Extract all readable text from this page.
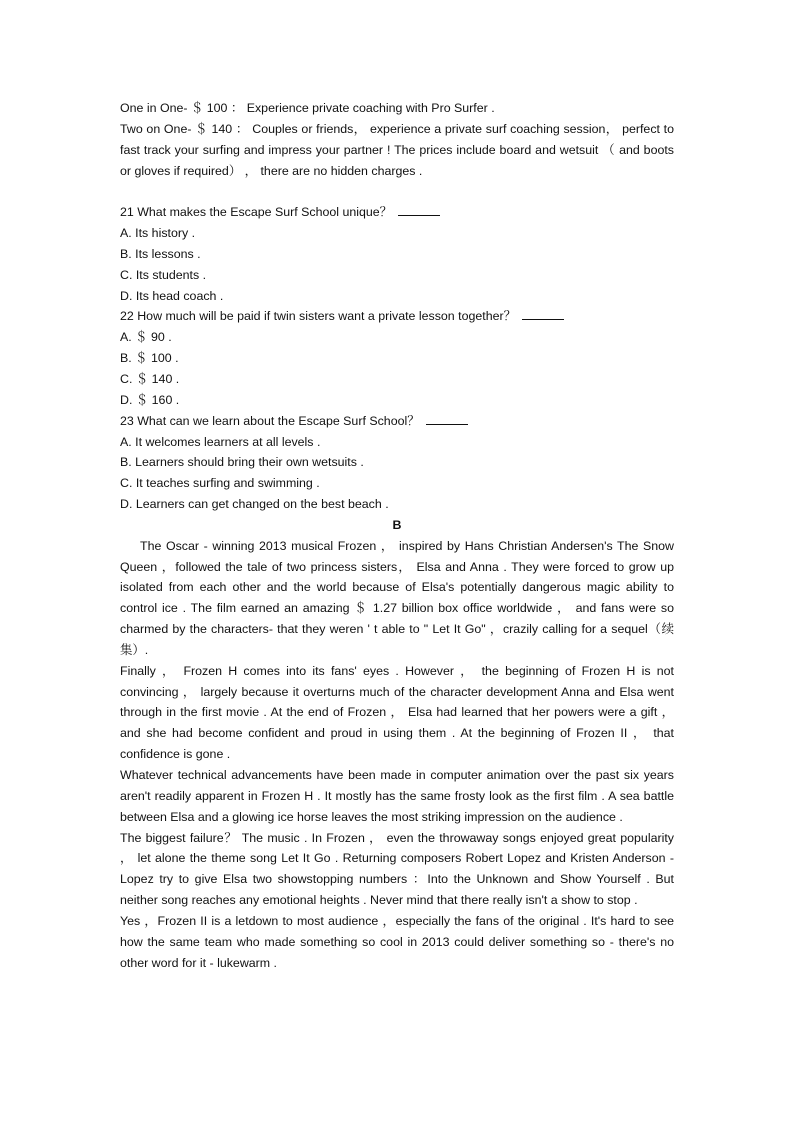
One in One- ＄ 100 ： Experience private coaching with Pro Surfer .

Two on One- ＄ 140 ： Couples or friends， experience a private surf coaching session， perfect to fast track your surfing and impress your partner ! The prices include board and wetsuit （ and boots or gloves if required） ， there are no hidden charges .

21 What makes the Escape Surf School unique？

A. Its history .

B. Its lessons .

C. Its students .

D. Its head coach .

22 How much will be paid if twin sisters want a private lesson together？

A. ＄ 90 .

B. ＄ 100 .

C. ＄ 140 .

D. ＄ 160 .

23 What can we learn about the Escape Surf School？

A. It welcomes learners at all levels .

B. Learners should bring their own wetsuits .

C. It teaches surfing and swimming .

D. Learners can get changed on the best beach .

B

The Oscar - winning 2013 musical Frozen ， inspired by Hans Christian Andersen's The Snow Queen ，followed the tale of two princess sisters， Elsa and Anna . They were forced to grow up isolated from each other and the world because of Elsa's potentially dangerous magic ability to control ice . The film earned an amazing ＄ 1.27 billion box office worldwide ， and fans were so charmed by the characters- that they weren ' t able to " Let It Go" ，crazily calling for a sequel（续集）.

Finally ， Frozen H comes into its fans' eyes . However ， the beginning of Frozen H is not convincing ， largely because it overturns much of the character development Anna and Elsa went through in the first movie . At the end of Frozen ， Elsa had learned that her powers were a gift ， and she had become confident and proud in using them . At the beginning of Frozen II ， that confidence is gone .

Whatever technical advancements have been made in computer animation over the past six years aren't readily apparent in Frozen H . It mostly has the same frosty look as the first film . A sea battle between Elsa and a glowing ice horse leaves the most striking impression on the audience .

The biggest failure？ The music . In Frozen ， even the throwaway songs enjoyed great popularity ， let alone the theme song Let It Go . Returning composers Robert Lopez and Kristen Anderson - Lopez try to give Elsa two showstopping numbers ：Into the Unknown and Show Yourself . But neither song reaches any emotional heights . Never mind that there really isn't a show to stop .

Yes ，Frozen II is a letdown to most audience ，especially the fans of the original . It's hard to see how the same team who made something so cool in 2013 could deliver something so - there's no other word for it - lukewarm .
